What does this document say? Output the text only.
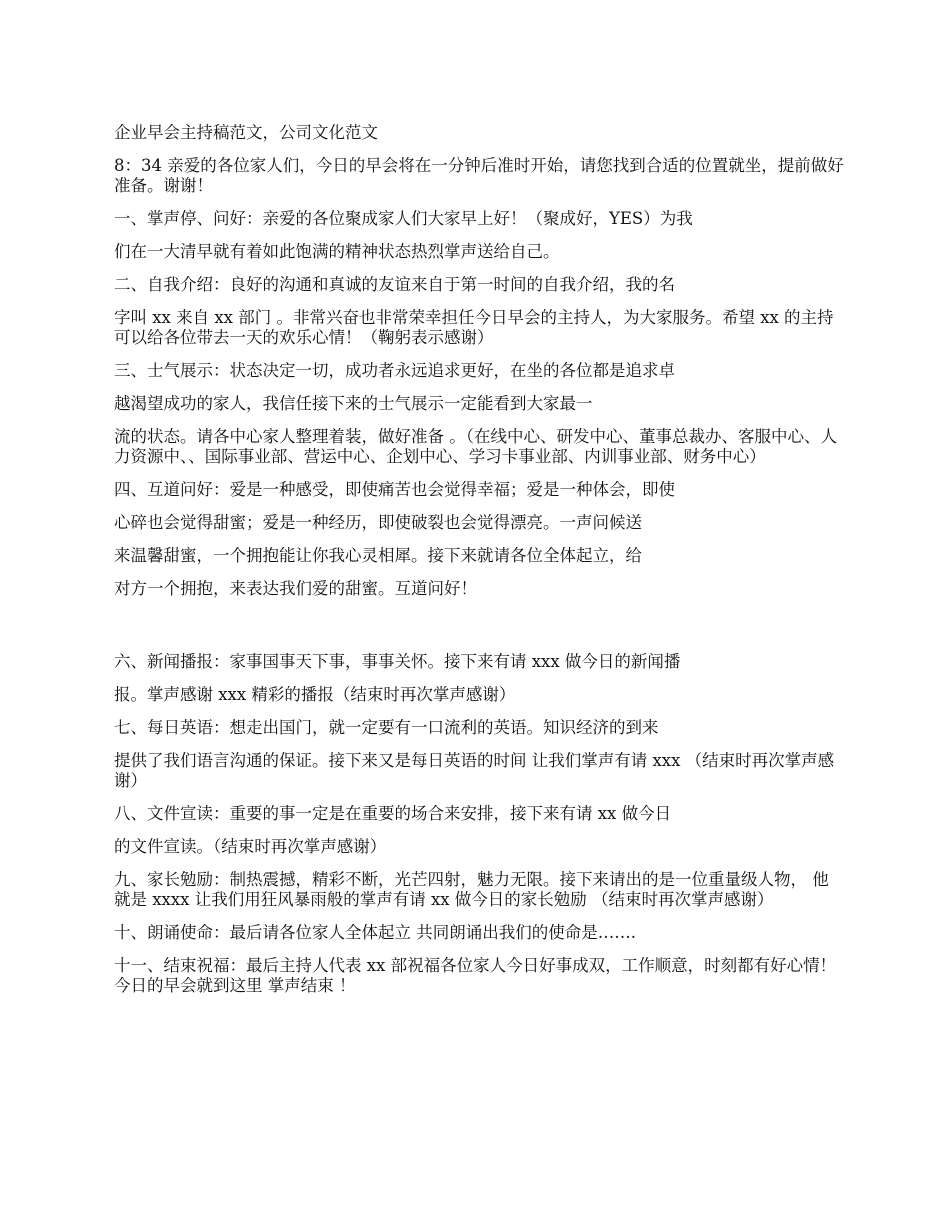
企业早会主持稿范文，公司文化范文

8：34 亲爱的各位家人们，今日的早会将在一分钟后准时开始，请您找到合适的位置就坐，提前做好准备。谢谢！

一、掌声停、问好：亲爱的各位聚成家人们大家早上好！（聚成好，YES）为我

们在一大清早就有着如此饱满的精神状态热烈掌声送给自己。

二、自我介绍：良好的沟通和真诚的友谊来自于第一时间的自我介绍，我的名

字叫 xx 来自 xx 部门 。非常兴奋也非常荣幸担任今日早会的主持人，为大家服务。希望 xx 的主持可以给各位带去一天的欢乐心情！（鞠躬表示感谢）

三、士气展示：状态决定一切，成功者永远追求更好，在坐的各位都是追求卓

越渴望成功的家人，我信任接下来的士气展示一定能看到大家最一

流的状态。请各中心家人整理着装，做好准备 。（在线中心、研发中心、董事总裁办、客服中心、人力资源中、、国际事业部、营运中心、企划中心、学习卡事业部、内训事业部、财务中心）

四、互道问好：爱是一种感受，即使痛苦也会觉得幸福；爱是一种体会，即使

心碎也会觉得甜蜜；爱是一种经历，即使破裂也会觉得漂亮。一声问候送

来温馨甜蜜，一个拥抱能让你我心灵相犀。接下来就请各位全体起立，给

对方一个拥抱，来表达我们爱的甜蜜。互道问好！

六、新闻播报：家事国事天下事，事事关怀。接下来有请 xxx 做今日的新闻播

报。掌声感谢 xxx 精彩的播报（结束时再次掌声感谢）

七、每日英语：想走出国门，就一定要有一口流利的英语。知识经济的到来

提供了我们语言沟通的保证。接下来又是每日英语的时间 让我们掌声有请 xxx （结束时再次掌声感谢）

八、文件宣读：重要的事一定是在重要的场合来安排，接下来有请 xx 做今日

的文件宣读。（结束时再次掌声感谢）

九、家长勉励：制热震撼，精彩不断，光芒四射，魅力无限。接下来请出的是一位重量级人物， 他就是 xxxx 让我们用狂风暴雨般的掌声有请 xx 做今日的家长勉励 （结束时再次掌声感谢）

十、朗诵使命：最后请各位家人全体起立 共同朗诵出我们的使命是…….

十一、结束祝福：最后主持人代表 xx 部祝福各位家人今日好事成双，工作顺意，时刻都有好心情！今日的早会就到这里 掌声结束 ！
